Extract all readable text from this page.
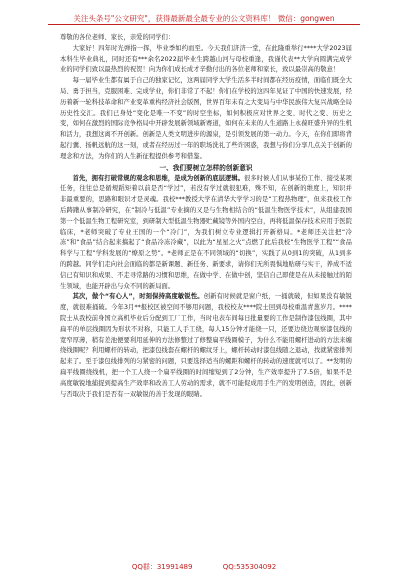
关注头条号"公文研究"，获得最新最全最专业的公文资料库！ 微信：gongwen

尊敬的各位老师、家长，亲爱的同学们：

大家好！四年时光弹指一挥，毕业季如约而至。今天我们济济一堂，在此隆重举行****大学2023届本科生毕业典礼，同时还有***余名2022届毕业生跨越山河与母校重逢，我谨代表**大学向圆满完成学业的同学们致以最热烈的祝贺！向为你们成长成才辛勤付出的各位老师和家长，致以最崇高的敬意！

每一届毕业生都有属于自己的独家记忆，这两届同学大学生活多半时间都在经历疫情，面临们既全大局、勇于担当，克服困难、完成学业，你们非常了不起！你们在学校的这四年见证了中国的快速发展，经历着新一轮科技革命和产业变革重构经济社会版图，世界百年未有之大变局与中华民族伟大复兴战略全局历史性交汇。我们已身处“变化是唯一不变”的时空坐标，如何积极应对世界之变、时代之变、历史之变，如何在激烈的国际竞争格局中开辟发展新领域新赛道，如何在未来的人生道路上永葆旺盛升异的生机和活力，我想这离不开创新。创新是人类文明进步的源泉，是引领发展的第一动力。今天，在你们即将背起行囊、扬帆远航的这一刻，或者在经历过一年的职场洗礼了些许困惑，我想与你们分享几点关于创新的理念和方法，为你们的人生新征程提供参考和借鉴。

一、我们要树立怎样的创新意识

首先，拥有打破常规的观念和思维，是成为创新的底层逻辑。很多时候人们从事某份工作、接受某项任务，往往总是循规蹈矩着以前是否“学过”，若没有学过就很犯难，殊不知，在创新的维度上，知识并非最重要的，思路和眼识才是灵魂。我校***教授大学在清华大学学习的是“工程热物理”，但来我校工作后踌躇从事制冷研究，在“制冷与低温”专业摘的又是与生物相结合的“低温生物医学技术”，从组建我国第一个低温生物工程研究室，到研制大型低温生物器贮藏镜等外国内空白，再将低温保存技术应用于医院临床，*老师突破了专业王国的一个“冷门”，为我们树立专业逻辑打开新格局。*老师还关注把“冷冻”和“食品”结合起来搞起了“食品冷冻冷藏”，以此为“星星之火”点燃了此后我校“生物医学工程”“食品科学与工程”学科发展的“燎原之势”。*老师正是在不同领域的“切换”，实践了从0到1的突破，从1到多的跨越。同学们走向社会面临的都是新课题、新任务、新要求，请你们无所畏惧地贴研与实干，养成不适信已有知识和成果、不走寻常路的习惯和思维，在做中学、在做中创，坚信自己即使是在从未接触过的陌生领域，也能开辟出与众不同的新局面。

其次，做个“有心人”，时刻保持高度敏锐性。创新有时候就是窗户纸，一捅就破，但如果没有敏锐度，就很难捅破。今年3月**报校区被空间不够用问题，我校校友****院士回到母校重温青葱岁月。****院士从我校前身国立高机毕业后分配到工厂工作，当时电表车间每日批量要的工作是制作漆包线圈，其中扁平的单层线圈因为形状不对称，只能工人手工绕，每人15分钟才能绕一只，还要边绕边观察漆包线的宽窄厚薄，稍有差池便要利用延伸的方法修整过了修整扁平线圈模子，为什么不能用螺杆进动的方法来缠绕线圈呢？利用螺杆的转动，把漆包线套在螺杆的螺纹牙上，螺杆转动时漆包线随之退动，找就紧密排列起来了。至于漆包线排列的匀紧密的问题，只要选择适当的螺距和螺杆的转动的速度就可以了。**发明的扁平线圈绕线机，把一个工人绕一个扁平线圈的时间缩短到了2分钟，生产效率提升了7.5倍，如果不是高度敏锐地捕捉到提高生产效率和改善工人劳动的需求，就不可能促成用手生产的发明创造，因此，创新与否取决于我们是否有一双敏锐的善于发现的眼睛。

QQ群：31991489	QQ:535304092
